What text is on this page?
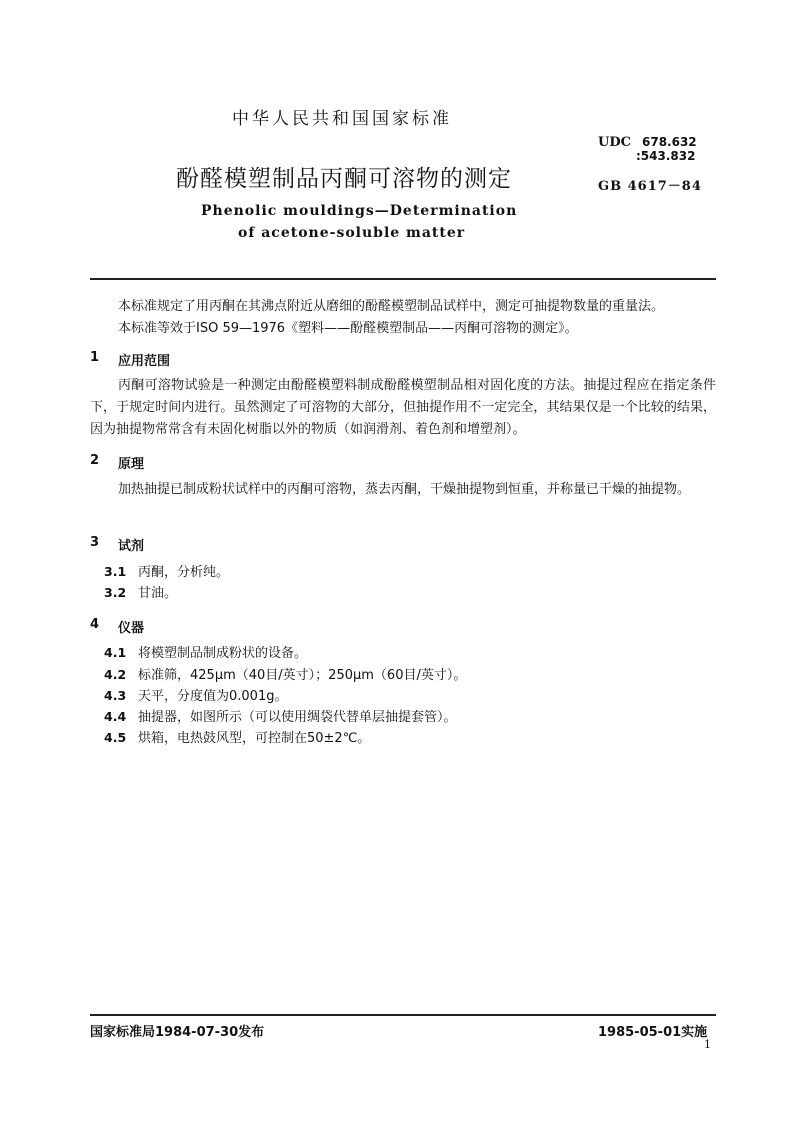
中华人民共和国国家标准
UDC 678.632
:543.832
酚醛模塑制品丙酮可溶物的测定	GB 4617－84
Phenolic mouldings—Determination
of acetone-soluble matter
本标准规定了用丙酮在其沸点附近从磨细的酚醛模塑制品试样中，测定可抽提物数量的重量法。
本标准等效于ISO 59—1976《塑料——酚醛模塑制品——丙酮可溶物的测定》。
1 应用范围
丙酮可溶物试验是一种测定由酚醛模塑料制成酚醛模塑制品相对固化度的方法。抽提过程应在指定条件下，于规定时间内进行。虽然测定了可溶物的大部分，但抽提作用不一定完全，其结果仅是一个比较的结果，因为抽提物常常含有未固化树脂以外的物质（如润滑剂、着色剂和增塑剂）。
2 原理
加热抽提已制成粉状试样中的丙酮可溶物，蒸去丙酮，干燥抽提物到恒重，并称量已干燥的抽提物。
3 试剂
3.1 丙酮，分析纯。
3.2 甘油。
4 仪器
4.1 将模塑制品制成粉状的设备。
4.2 标准筛，425μm（40目/英寸）；250μm（60目/英寸）。
4.3 天平，分度值为0.001g。
4.4 抽提器，如图所示（可以使用绸袋代替单层抽提套管）。
4.5 烘箱，电热鼓风型，可控制在50±2℃。
国家标准局1984-07-30发布	1985-05-01实施
1
